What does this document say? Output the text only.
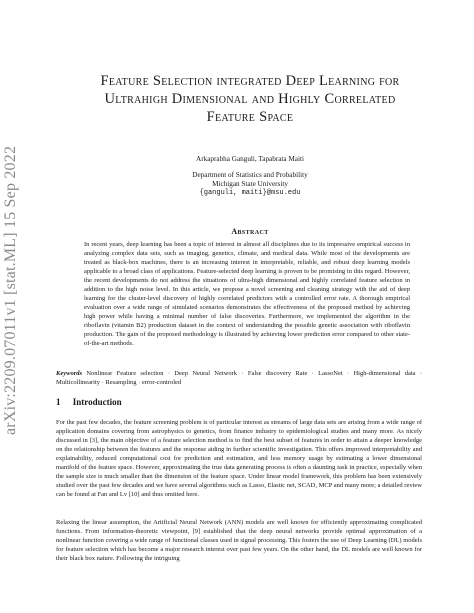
arXiv:2209.07011v1 [stat.ML] 15 Sep 2022
Feature Selection integrated Deep Learning for
Ultrahigh Dimensional and Highly Correlated
Feature Space
Arkaprabha Ganguli, Tapabrata Maiti
Department of Statistics and Probability
Michigan State University
{ganguli, maiti}@msu.edu
Abstract

In recent years, deep learning has been a topic of interest in almost all disciplines due to its impressive empirical success in analyzing complex data sets, such as imaging, genetics, climate, and medical data. While most of the developments are treated as black-box machines, there is an increasing interest in interpretable, reliable, and robust deep learning models applicable to a broad class of applications. Feature-selected deep learning is proven to be promising in this regard. However, the recent developments do not address the situations of ultra-high dimensional and highly correlated feature selection in addition to the high noise level. In this article, we propose a novel screening and cleaning strategy with the aid of deep learning for the cluster-level discovery of highly correlated predictors with a controlled error rate. A thorough empirical evaluation over a wide range of simulated scenarios demonstrates the effectiveness of the proposed method by achieving high power while having a minimal number of false discoveries. Furthermore, we implemented the algorithm in the riboflavin (vitamin B2) production dataset in the context of understanding the possible genetic association with riboflavin production. The gain of the proposed methodology is illustrated by achieving lower prediction error compared to other state-of-the-art methods.

Keywords Nonlinear Feature selection · Deep Neural Network · False discovery Rate · LassoNet · High-dimensional data · Multicollinearity · Resampling · error-controled
1 Introduction

For the past few decades, the feature screening problem is of particular interest as streams of large data sets are arising from a wide range of application domains covering from astrophysics to genetics, from finance industry to epidemiological studies and many more. As nicely discussed in [3], the main objective of a feature selection method is to find the best subset of features in order to attain a deeper knowledge on the relationship between the features and the response aiding in further scientific investigation. This offers improved interpretability and explainability, reduced computational cost for prediction and estimation, and less memory usage by estimating a lower dimensional manifold of the feature space. However, approximating the true data generating process is often a daunting task in practice, especially when the sample size is much smaller than the dimension of the feature space. Under linear model framework, this problem has been extensively studied over the past few decades and we have several algorithms such as Lasso, Elastic net, SCAD, MCP and many more; a detailed review can be found at Fan and Lv [10] and thus omitted here.

Relaxing the linear assumption, the Artificial Neural Network (ANN) models are well known for efficiently approximating complicated functions. From information-theoretic viewpoint, [9] established that the deep neural networks provide optimal approximation of a nonlinear function covering a wide range of functional classes used in signal processing. This fosters the use of Deep Learning (DL) models for feature selection which has become a major research interest over past few years. On the other hand, the DL models are well known for their black box nature. Following the intriguing
